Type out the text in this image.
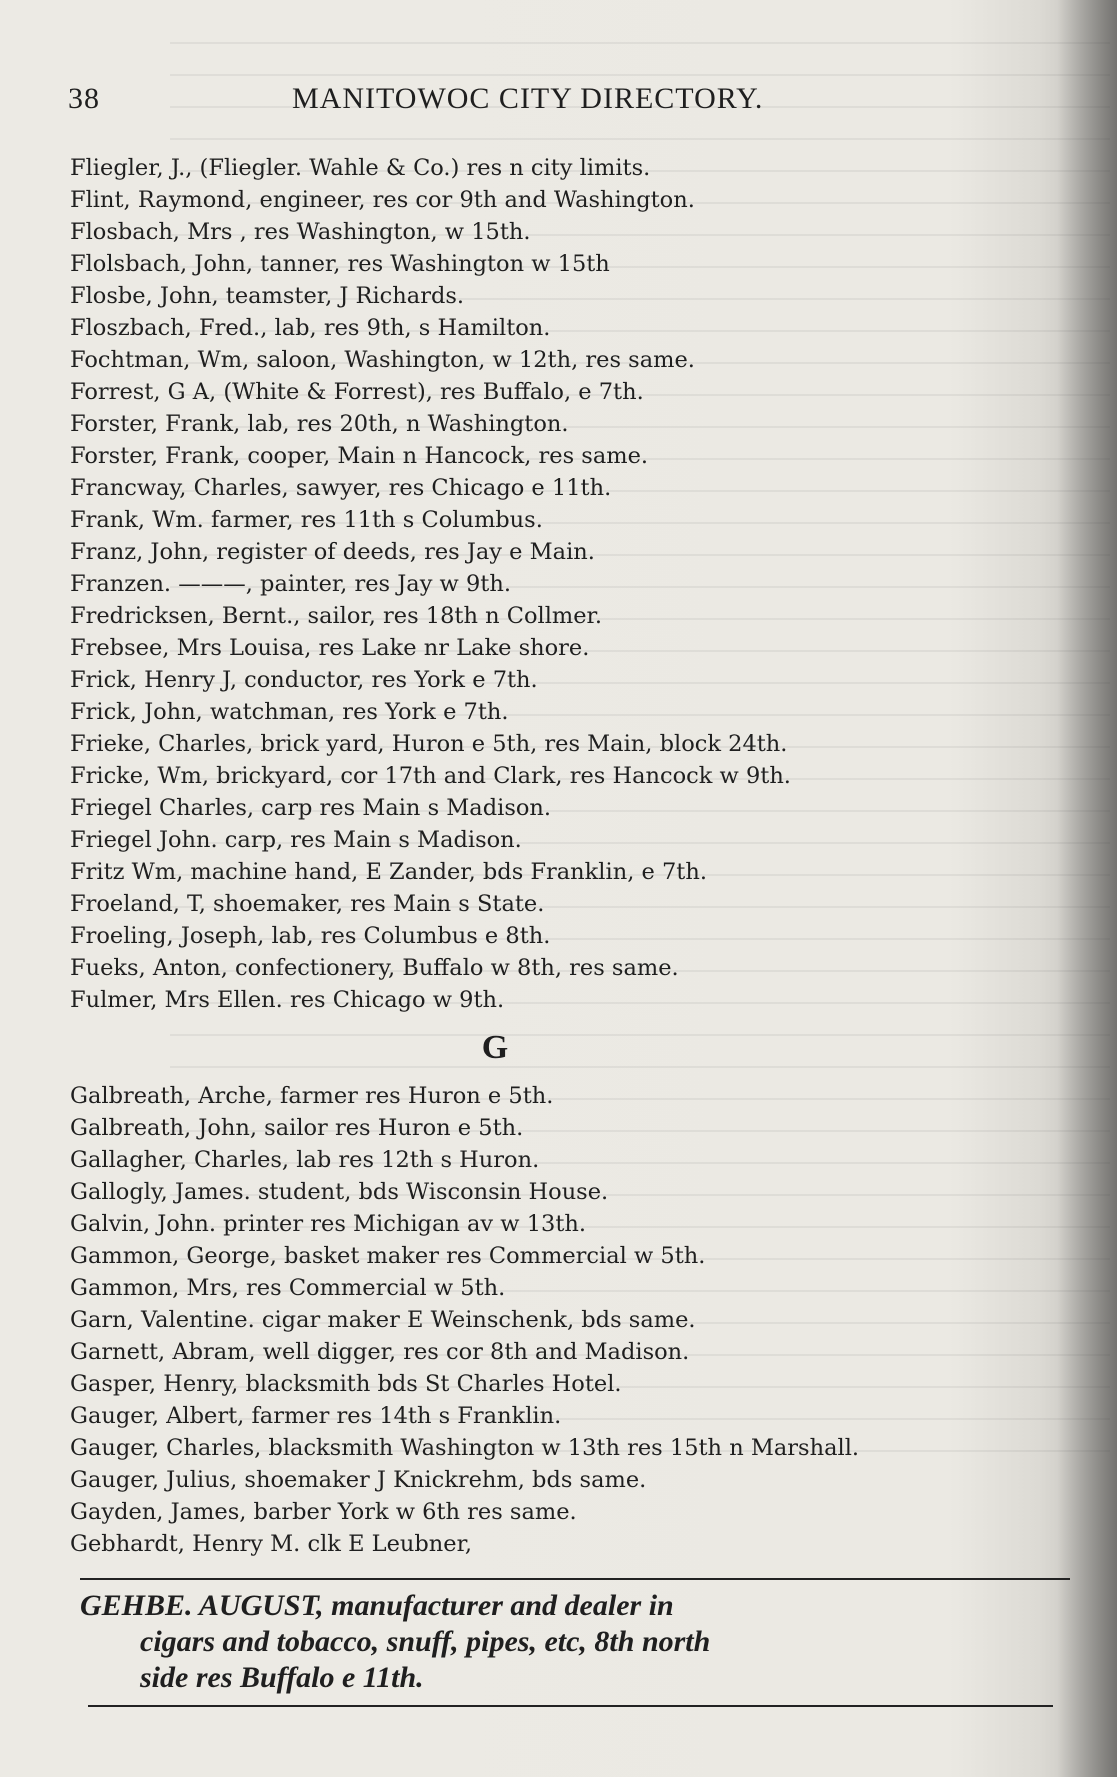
38	MANITOWOC CITY DIRECTORY.
Fliegler, J., (Fliegler. Wahle & Co.) res n city limits.
Flint, Raymond, engineer, res cor 9th and Washington.
Flosbach, Mrs , res Washington, w 15th.
Flolsbach, John, tanner, res Washington w 15th
Flosbe, John, teamster, J Richards.
Floszbach, Fred., lab, res 9th, s Hamilton.
Fochtman, Wm, saloon, Washington, w 12th, res same.
Forrest, G A, (White & Forrest), res Buffalo, e 7th.
Forster, Frank, lab, res 20th, n Washington.
Forster, Frank, cooper, Main n Hancock, res same.
Francway, Charles, sawyer, res Chicago e 11th.
Frank, Wm. farmer, res 11th s Columbus.
Franz, John, register of deeds, res Jay e Main.
Franzen. ———, painter, res Jay w 9th.
Fredricksen, Bernt., sailor, res 18th n Collmer.
Frebsee, Mrs Louisa, res Lake nr Lake shore.
Frick, Henry J, conductor, res York e 7th.
Frick, John, watchman, res York e 7th.
Frieke, Charles, brick yard, Huron e 5th, res Main, block 24th.
Fricke, Wm, brickyard, cor 17th and Clark, res Hancock w 9th.
Friegel Charles, carp res Main s Madison.
Friegel John. carp, res Main s Madison.
Fritz Wm, machine hand, E Zander, bds Franklin, e 7th.
Froeland, T, shoemaker, res Main s State.
Froeling, Joseph, lab, res Columbus e 8th.
Fueks, Anton, confectionery, Buffalo w 8th, res same.
Fulmer, Mrs Ellen. res Chicago w 9th.
G
Galbreath, Arche, farmer res Huron e 5th.
Galbreath, John, sailor res Huron e 5th.
Gallagher, Charles, lab res 12th s Huron.
Gallogly, James. student, bds Wisconsin House.
Galvin, John. printer res Michigan av w 13th.
Gammon, George, basket maker res Commercial w 5th.
Gammon, Mrs, res Commercial w 5th.
Garn, Valentine. cigar maker E Weinschenk, bds same.
Garnett, Abram, well digger, res cor 8th and Madison.
Gasper, Henry, blacksmith bds St Charles Hotel.
Gauger, Albert, farmer res 14th s Franklin.
Gauger, Charles, blacksmith Washington w 13th res 15th n Marshall.
Gauger, Julius, shoemaker J Knickrehm, bds same.
Gayden, James, barber York w 6th res same.
Gebhardt, Henry M. clk E Leubner,
GEHBE. AUGUST, manufacturer and dealer in
cigars and tobacco, snuff, pipes, etc, 8th north
side res Buffalo e 11th.
